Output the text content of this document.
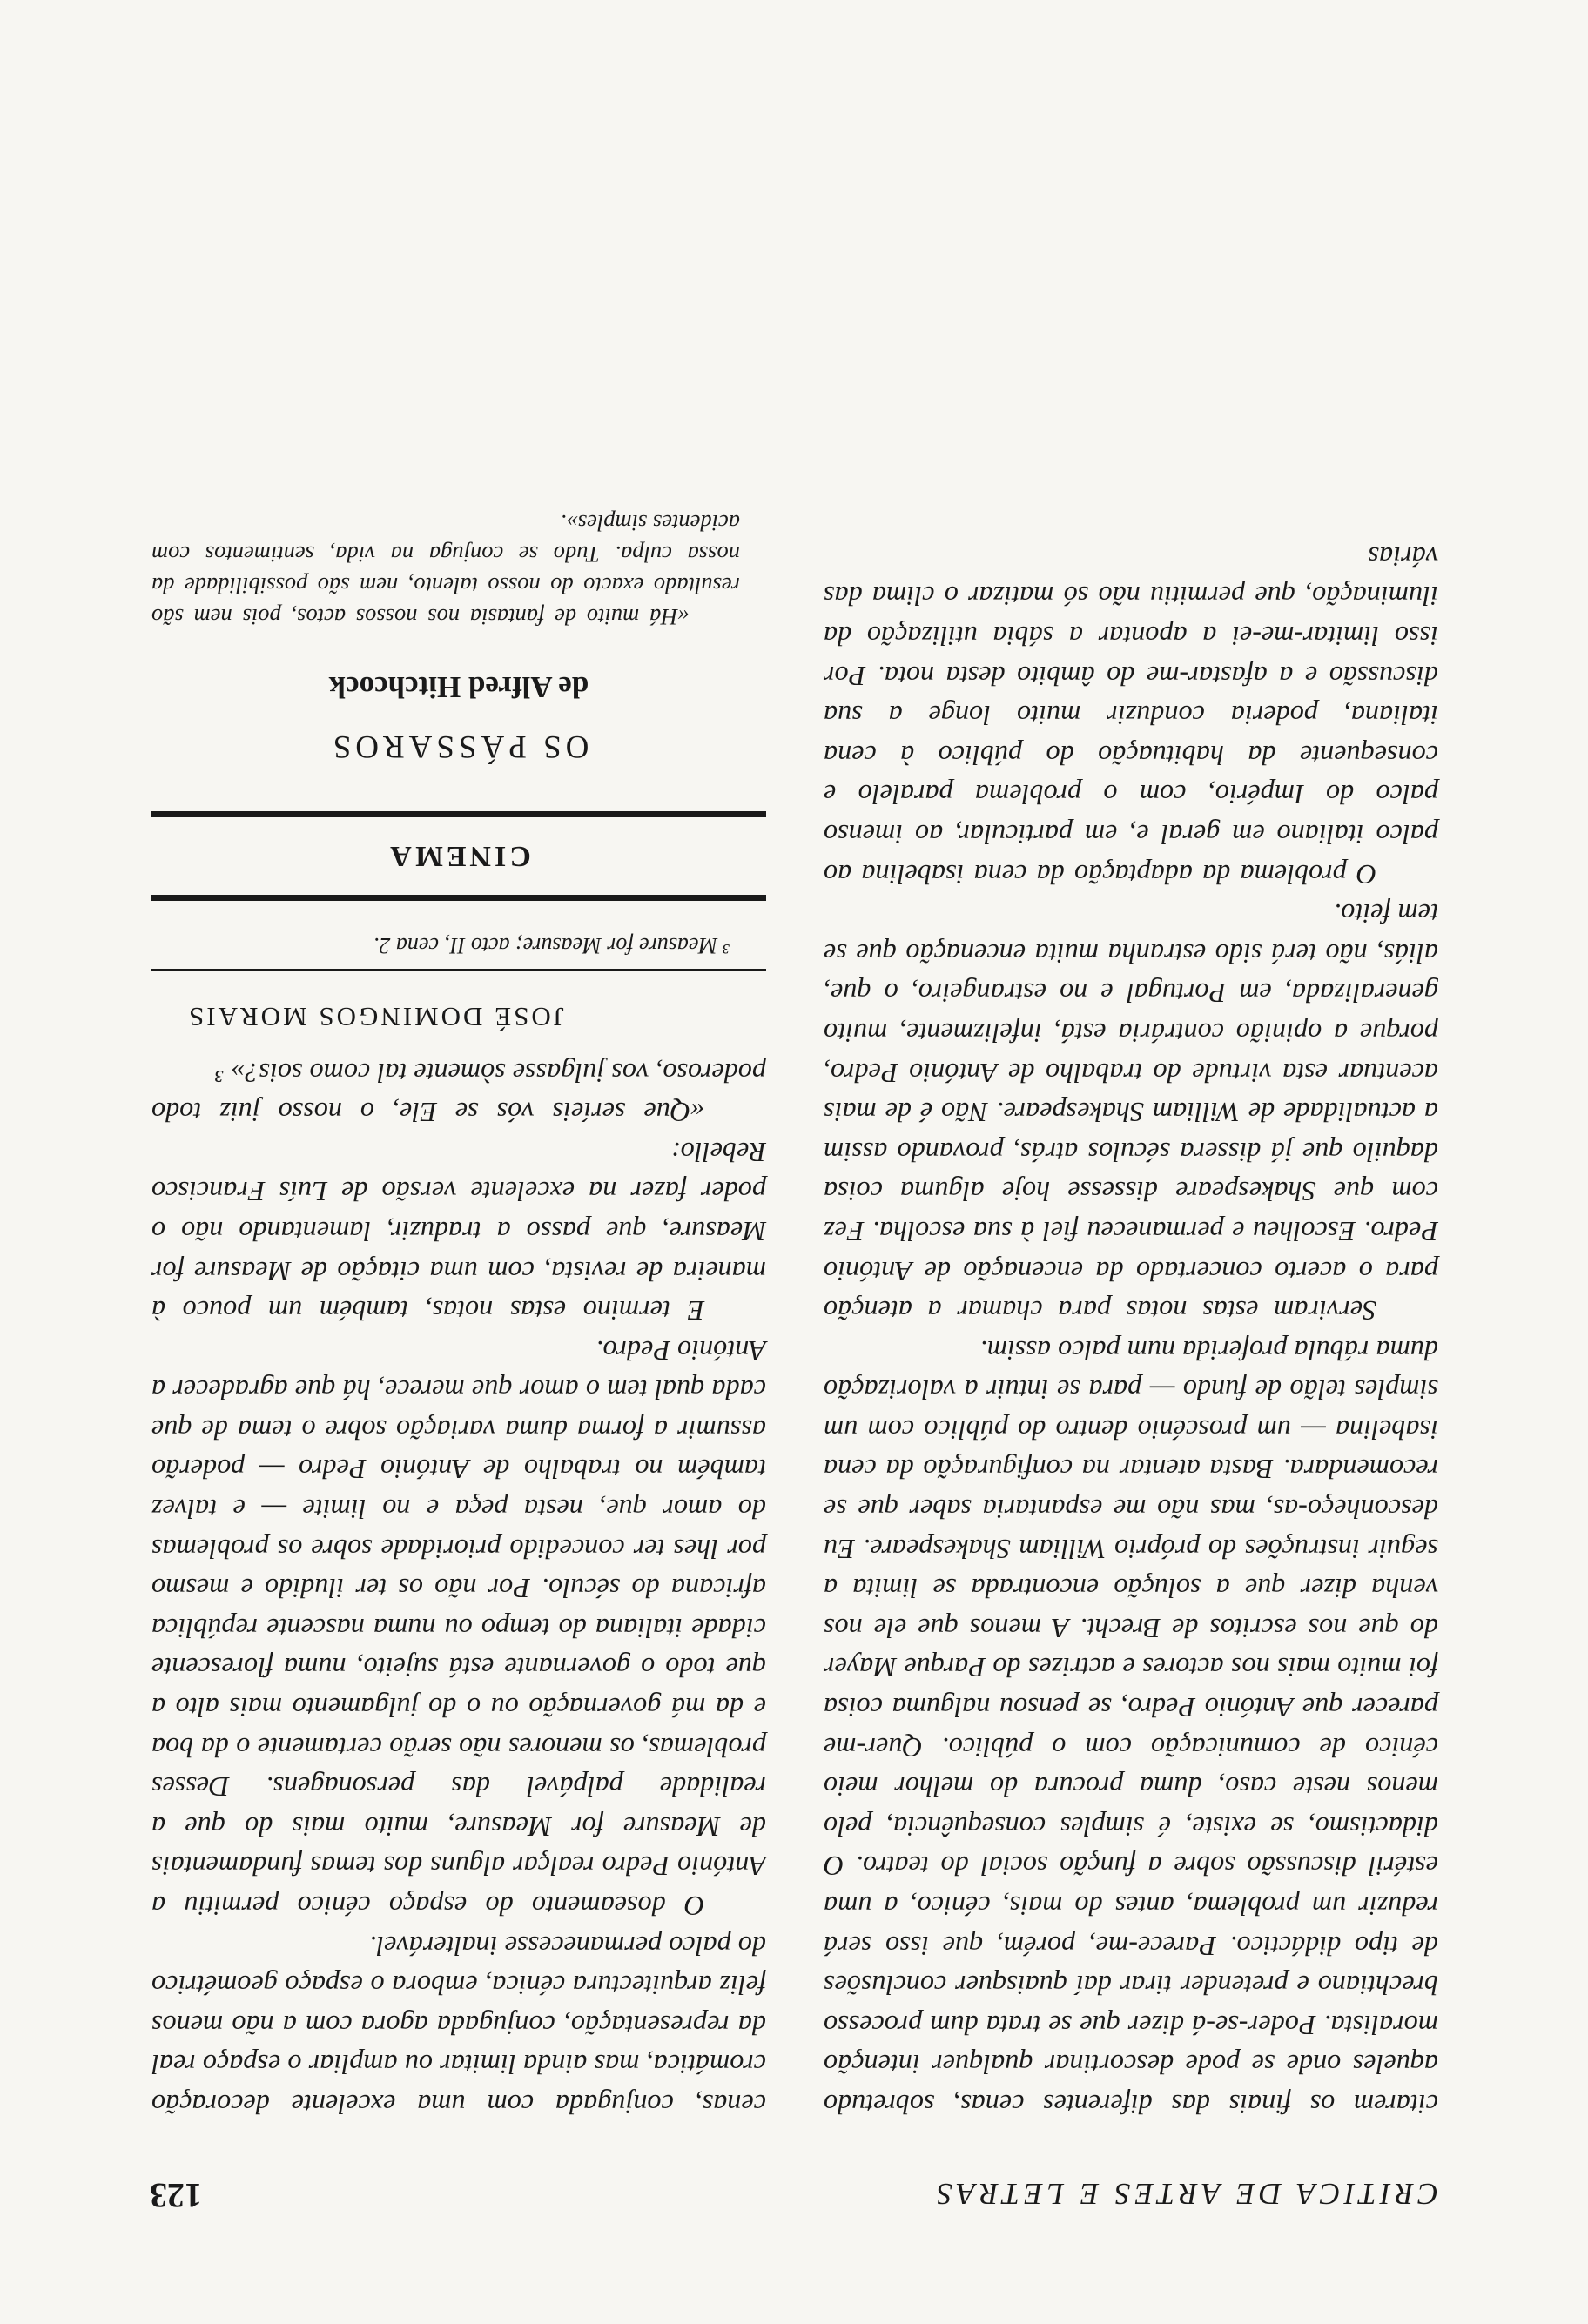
CRITICA DE ARTES E LETRAS
123

citarem os finais das diferentes cenas, sobretudo aqueles onde se pode descortinar qualquer intenção moralista. Poder-se-á dizer que se trata dum processo brechtiano e pretender tirar daí quaisquer conclusões de tipo didáctico. Parece-me, porém, que isso será reduzir um problema, antes do mais, cénico, a uma estéril discussão sobre a função social do teatro. O didactismo, se existe, é simples consequência, pelo menos neste caso, duma procura do melhor meio cénico de comunicação com o público. Quer-me parecer que António Pedro, se pensou nalguma coisa foi muito mais nos actores e actrizes do Parque Mayer do que nos escritos de Brecht. A menos que ele nos venha dizer que a solução encontrada se limita a seguir instruções do próprio William Shakespeare. Eu desconheço-as, mas não me espantaria saber que se recomendara. Basta atentar na configuração da cena isabelina — um proscénio dentro do público com um simples telão de fundo — para se intuir a valorização duma rábula proferida num palco assim.

Serviram estas notas para chamar a atenção para o acerto concertado da encenação de António Pedro. Escolheu e permaneceu fiel à sua escolha. Fez com que Shakespeare dissesse hoje alguma coisa daquilo que já dissera séculos atrás, provando assim a actualidade de William Shakespeare. Não é de mais acentuar esta virtude do trabalho de António Pedro, porque a opinião contrária está, infelizmente, muito generalizada, em Portugal e no estrangeiro, o que, aliás, não terá sido estranha muita encenação que se tem feito.

O problema da adaptação da cena isabelina ao palco italiano em geral e, em particular, ao imenso palco do Império, com o problema paralelo e consequente da habituação do público à cena italiana, poderia conduzir muito longe a sua discussão e a afastar-me do âmbito desta nota. Por isso limitar-me-ei a apontar a sábia utilização da iluminação, que permitiu não só matizar o clima das várias

cenas, conjugada com uma excelente decoração cromática, mas ainda limitar ou ampliar o espaço real da representação, conjugada agora com a não menos feliz arquitectura cénica, embora o espaço geométrico do palco permanecesse inalterável.

O doseamento do espaço cénico permitiu a António Pedro realçar alguns dos temas fundamentais de Measure for Measure, muito mais do que a realidade palpável das personagens. Desses problemas, os menores não serão certamente o da boa e da má governação ou o do julgamento mais alto a que todo o governante está sujeito, numa florescente cidade italiana do tempo ou numa nascente república africana do século. Por não os ter iludido e mesmo por lhes ter concedido prioridade sobre os problemas do amor que, nesta peça e no limite — e talvez também no trabalho de António Pedro — poderão assumir a forma duma variação sobre o tema de que cada qual tem o amor que merece, há que agradecer a António Pedro.

E termino estas notas, também um pouco à maneira de revista, com uma citação de Measure for Measure, que passo a traduzir, lamentando não o poder fazer na excelente versão de Luís Francisco Rebello:

«Que seríeis vós se Ele, o nosso juiz todo poderoso, vos julgasse sòmente tal como sois?» ³

JOSÉ DOMINGOS MORAIS

³ Measure for Measure; acto II, cena 2.

CINEMA
OS PÁSSAROS
de Alfred Hitchcock

«Há muito de fantasia nos nossos actos, pois nem são resultado exacto do nosso talento, nem são possibilidade da nossa culpa. Tudo se conjuga na vida, sentimentos com acidentes simples».
